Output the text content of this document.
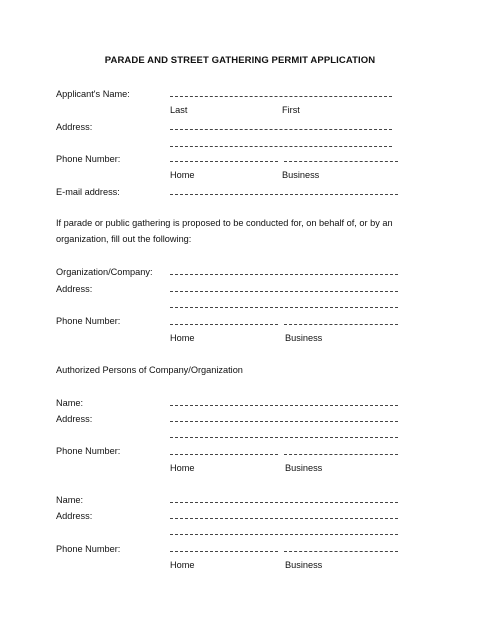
PARADE AND STREET GATHERING PERMIT APPLICATION
Applicant's Name:
Last	First
Address:
Phone Number:
Home	Business
E-mail address:
If parade or public gathering is proposed to be conducted for, on behalf of, or by an organization, fill out the following:
Organization/Company:
Address:
Phone Number:
Home	Business
Authorized Persons of Company/Organization
Name:
Address:
Phone Number:
Home	Business
Name:
Address:
Phone Number:
Home	Business
